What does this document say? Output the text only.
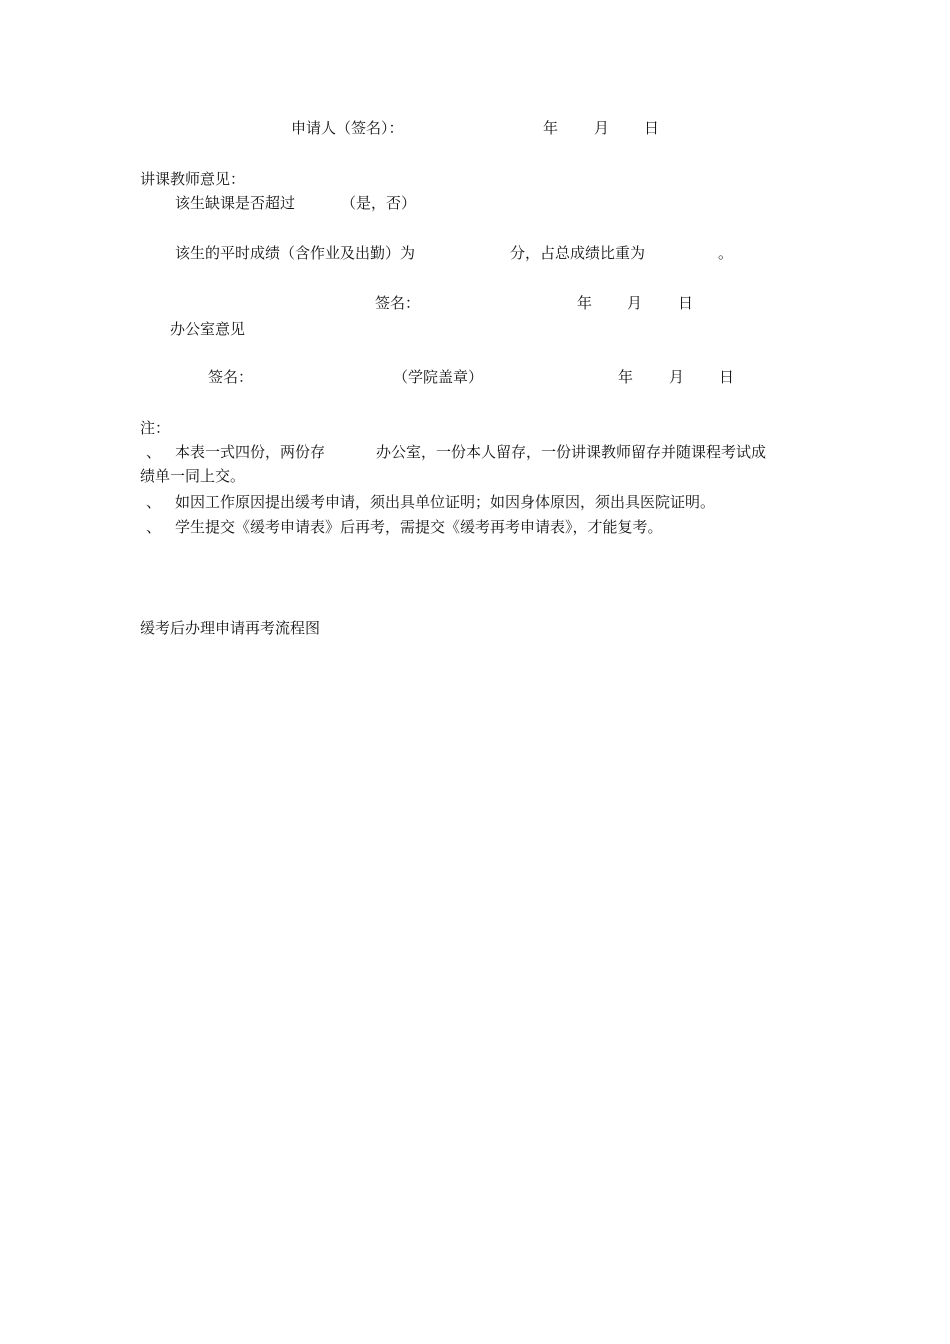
申请人（签名）：	年 月 日
讲课教师意见：
该生缺课是否超过	（是，否）
该生的平时成绩（含作业及出勤）为	分，占总成绩比重为	。
签名：	年 月 日
办公室意见
签名：	（学院盖章）	年 月 日
注：
、 本表一式四份，两份存	办公室，一份本人留存，一份讲课教师留存并随课程考试成
绩单一同上交。
、 如因工作原因提出缓考申请，须出具单位证明；如因身体原因，须出具医院证明。
、 学生提交《缓考申请表》后再考，需提交《缓考再考申请表》，才能复考。
缓考后办理申请再考流程图
